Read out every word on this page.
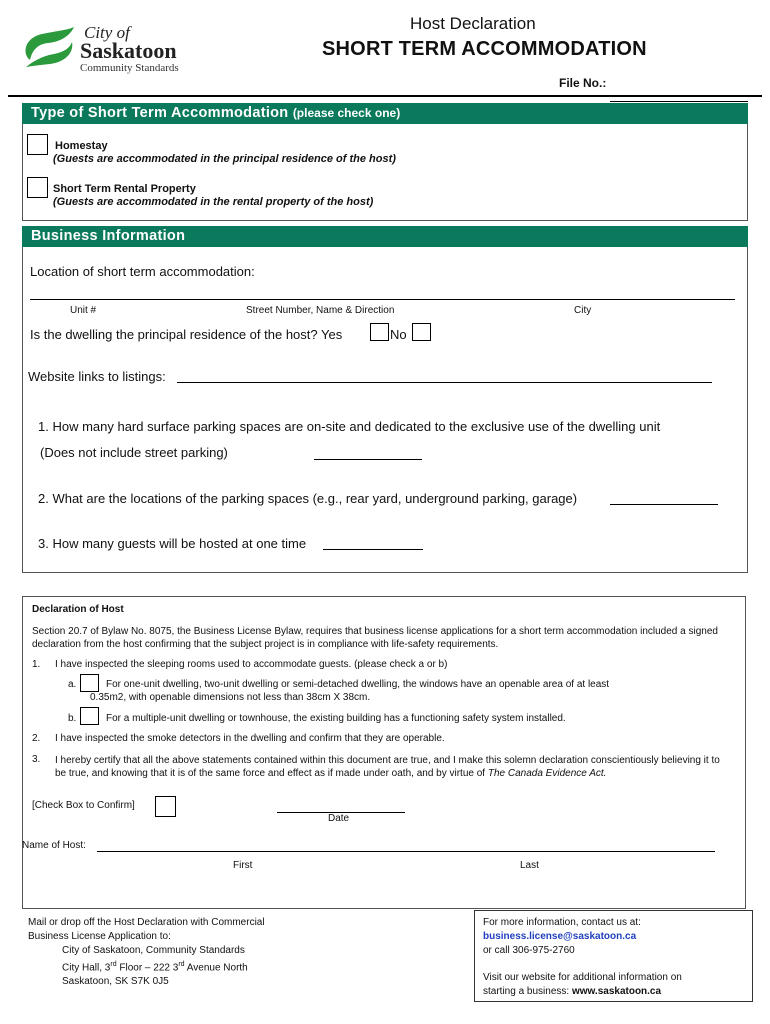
City of
Saskatoon
Community Standards
Host Declaration
SHORT TERM ACCOMMODATION
File No.:
Type of Short Term Accommodation (please check one)
Homestay
(Guests are accommodated in the principal residence of the host)
Short Term Rental Property
(Guests are accommodated in the rental property of the host)
Business Information
Location of short term accommodation:
Unit #	Street Number, Name & Direction	City
Is the dwelling the principal residence of the host? Yes	No
Website links to listings:
1. How many hard surface parking spaces are on-site and dedicated to the exclusive use of the dwelling unit
(Does not include street parking)
2. What are the locations of the parking spaces (e.g., rear yard, underground parking, garage)
3. How many guests will be hosted at one time
Declaration of Host
Section 20.7 of Bylaw No. 8075, the Business License Bylaw, requires that business license applications for a short term accommodation included a signed declaration from the host confirming that the subject project is in compliance with life-safety requirements.
1. I have inspected the sleeping rooms used to accommodate guests. (please check a or b)
a.	For one-unit dwelling, two-unit dwelling or semi-detached dwelling, the windows have an openable area of at least
0.35m2, with openable dimensions not less than 38cm X 38cm.
b.	For a multiple-unit dwelling or townhouse, the existing building has a functioning safety system installed.
2. I have inspected the smoke detectors in the dwelling and confirm that they are operable.
3. I hereby certify that all the above statements contained within this document are true, and I make this solemn declaration conscientiously believing it to be true, and knowing that it is of the same force and effect as if made under oath, and by virtue of The Canada Evidence Act.
[Check Box to Confirm]
Date
Name of Host:
First	Last
Mail or drop off the Host Declaration with Commercial
Business License Application to:
City of Saskatoon, Community Standards
City Hall, 3rd Floor – 222 3rd Avenue North
Saskatoon, SK S7K 0J5
For more information, contact us at:
business.license@saskatoon.ca
or call 306-975-2760
Visit our website for additional information on
starting a business: www.saskatoon.ca
